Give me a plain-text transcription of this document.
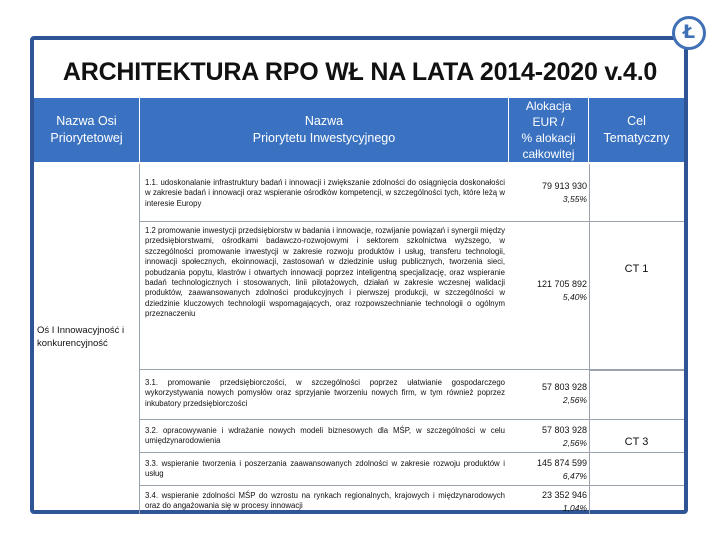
Ł
ARCHITEKTURA RPO WŁ NA LATA 2014-2020 v.4.0
Nazwa Osi
Priorytetowej
Nazwa
Priorytetu Inwestycyjnego
Alokacja
EUR /
% alokacji
całkowitej
Cel
Tematyczny
Oś I Innowacyjność i konkurencyjność
1.1. udoskonalanie infrastruktury badań i innowacji i zwiększanie zdolności do osiągnięcia doskonałości w zakresie badań i innowacji oraz wspieranie ośrodków kompetencji, w szczególności tych, które leżą w interesie Europy
79 913 930
3,55%
1.2 promowanie inwestycji przedsiębiorstw w badania i innowacje, rozwijanie powiązań i synergii między przedsiębiorstwami, ośrodkami badawczo-rozwojowymi i sektorem szkolnictwa wyższego, w szczególności promowanie inwestycji w zakresie rozwoju produktów i usług, transferu technologii, innowacji społecznych, ekoinnowacji, zastosowań w dziedzinie usług publicznych, tworzenia sieci, pobudzania popytu, klastrów i otwartych innowacji poprzez inteligentną specjalizację, oraz wspieranie badań technologicznych i stosowanych, linii pilotażowych, działań w zakresie wczesnej walidacji produktów, zaawansowanych zdolności produkcyjnych i pierwszej produkcji, w szczególności w dziedzinie kluczowych technologii wspomagających, oraz rozpowszechnianie technologii o ogólnym przeznaczeniu
121 705 892
5,40%
3.1. promowanie przedsiębiorczości, w szczególności poprzez ułatwianie gospodarczego wykorzystywania nowych pomysłów oraz sprzyjanie tworzeniu nowych firm, w tym również poprzez inkubatory przedsiębiorczości
57 803 928
2,56%
3.2. opracowywanie i wdrażanie nowych modeli biznesowych dla MŚP, w szczególności w celu umiędzynarodowienia
57 803 928
2,56%
3.3. wspieranie tworzenia i poszerzania zaawansowanych zdolności w zakresie rozwoju produktów i usług
145 874 599
6,47%
3.4. wspieranie zdolności MŚP do wzrostu na rynkach regionalnych, krajowych i międzynarodowych oraz do angażowania się w procesy innowacji
23 352 946
1,04%
CT 1
CT 3
